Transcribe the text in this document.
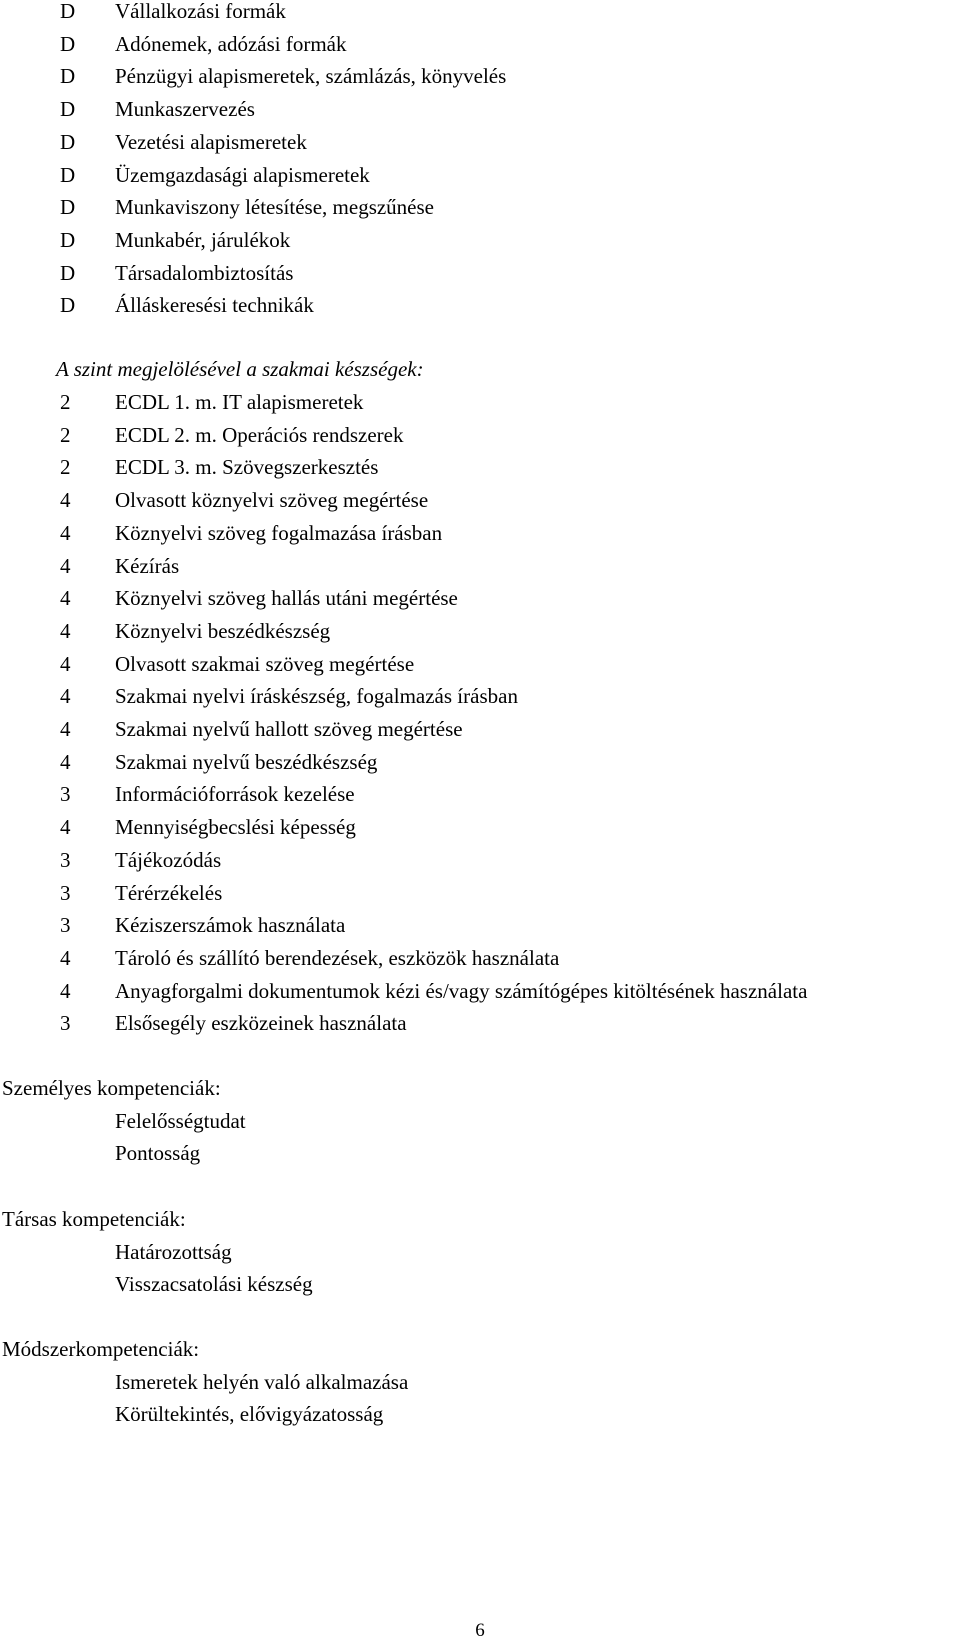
D	Vállalkozási formák
D	Adónemek, adózási formák
D	Pénzügyi alapismeretek, számlázás, könyvelés
D	Munkaszervezés
D	Vezetési alapismeretek
D	Üzemgazdasági alapismeretek
D	Munkaviszony létesítése, megszűnése
D	Munkabér, járulékok
D	Társadalombiztosítás
D	Álláskeresési technikák
A szint megjelölésével a szakmai készségek:
2	ECDL 1. m. IT alapismeretek
2	ECDL 2. m. Operációs rendszerek
2	ECDL 3. m. Szövegszerkesztés
4	Olvasott köznyelvi szöveg megértése
4	Köznyelvi szöveg fogalmazása írásban
4	Kézírás
4	Köznyelvi szöveg hallás utáni megértése
4	Köznyelvi beszédkészség
4	Olvasott szakmai szöveg megértése
4	Szakmai nyelvi íráskészség, fogalmazás írásban
4	Szakmai nyelvű hallott szöveg megértése
4	Szakmai nyelvű beszédkészség
3	Információforrások kezelése
4	Mennyiségbecslési képesség
3	Tájékozódás
3	Térérzékelés
3	Kéziszerszámok használata
4	Tároló és szállító berendezések, eszközök használata
4	Anyagforgalmi dokumentumok kézi és/vagy számítógépes kitöltésének használata
3	Elsősegély eszközeinek használata
Személyes kompetenciák:
Felelősségtudat
Pontosság
Társas kompetenciák:
Határozottság
Visszacsatolási készség
Módszerkompetenciák:
Ismeretek helyén való alkalmazása
Körültekintés, elővigyázatosság
6
